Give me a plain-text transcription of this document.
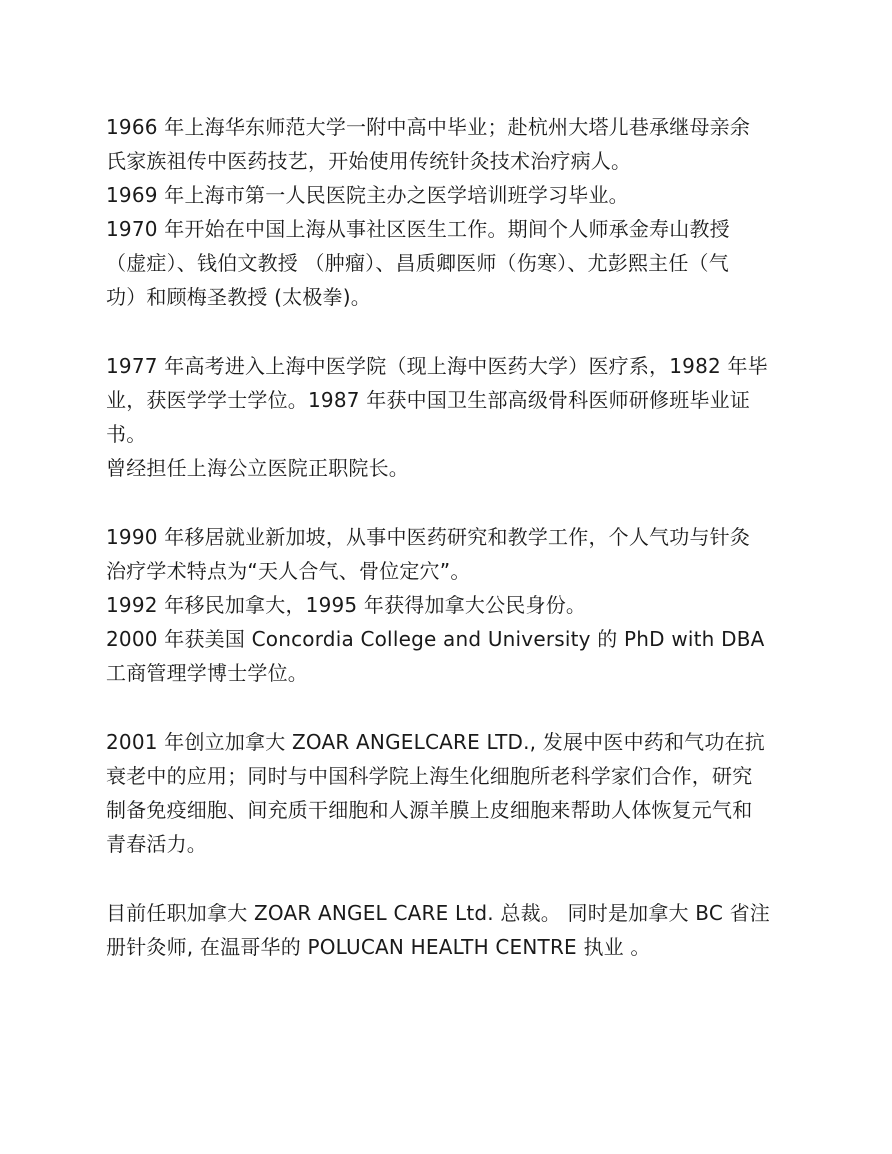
1966 年上海华东师范大学一附中高中毕业；赴杭州大塔儿巷承继母亲余
氏家族祖传中医药技艺，开始使用传统针灸技术治疗病人。
1969 年上海市第一人民医院主办之医学培训班学习毕业。
1970 年开始在中国上海从事社区医生工作。期间个人师承金寿山教授
（虚症）、钱伯文教授 （肿瘤）、昌质卿医师（伤寒）、尤彭熙主任（气
功）和顾梅圣教授 (太极拳)。
1977 年高考进入上海中医学院（现上海中医药大学）医疗系，1982 年毕
业，获医学学士学位。1987 年获中国卫生部高级骨科医师研修班毕业证
书。
曾经担任上海公立医院正职院长。
1990 年移居就业新加坡，从事中医药研究和教学工作，个人气功与针灸
治疗学术特点为“天人合气、骨位定穴”。
1992 年移民加拿大，1995 年获得加拿大公民身份。
2000 年获美国 Concordia College and University 的 PhD with DBA
工商管理学博士学位。
2001 年创立加拿大 ZOAR ANGELCARE LTD., 发展中医中药和气功在抗
衰老中的应用；同时与中国科学院上海生化细胞所老科学家们合作，研究
制备免疫细胞、间充质干细胞和人源羊膜上皮细胞来帮助人体恢复元气和
青春活力。
目前任职加拿大 ZOAR ANGEL CARE Ltd. 总裁。 同时是加拿大 BC 省注
册针灸师, 在温哥华的 POLUCAN HEALTH CENTRE 执业 。
